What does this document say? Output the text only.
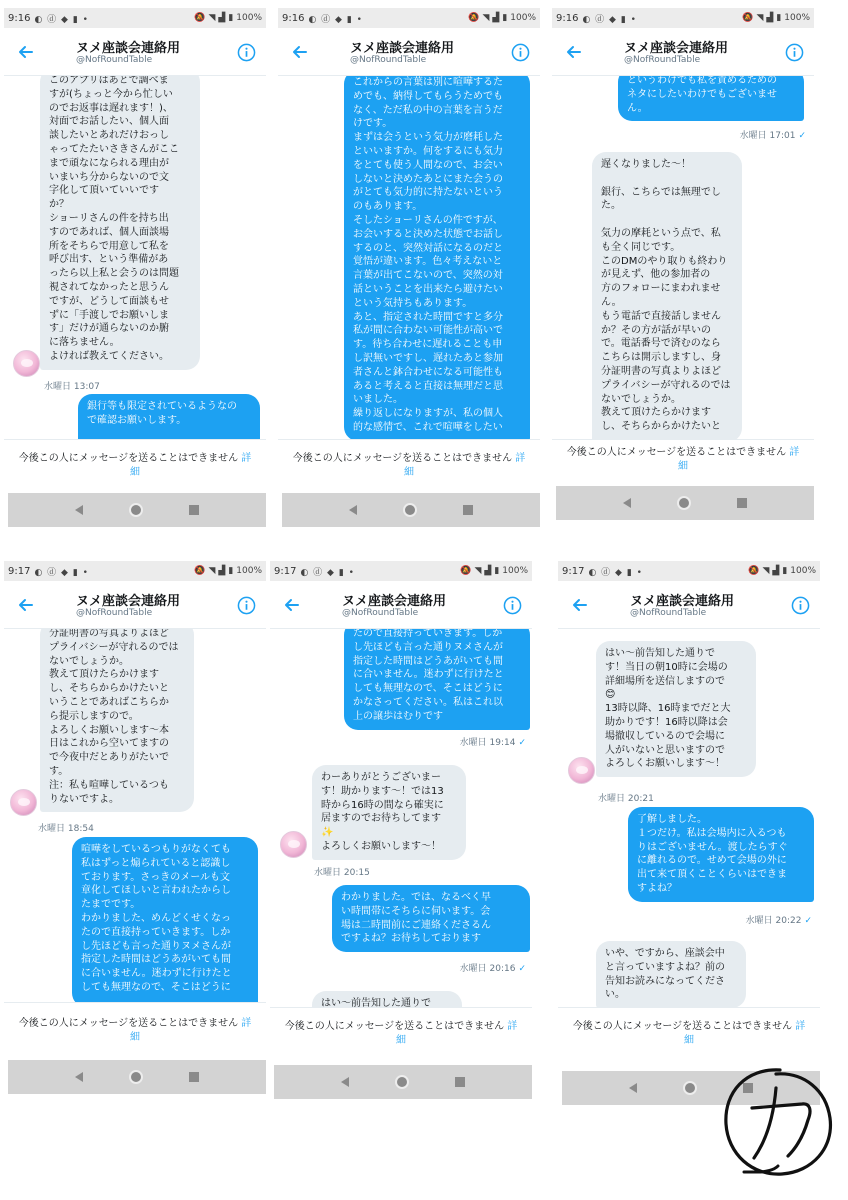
9:16 ◐ ⓓ ◆ ▮ •	🔕 ◥ ▟ ▮ 100%
ヌメ座談会連絡用
@NofRoundTable
このアプリはあとで調べま
すが(ちょっと今から忙しい
のでお返事は遅れます！)、
対面でお話したい、個人面
談したいとあれだけおっし
ゃってたたいさきさんがここ
まで頑なになられる理由が
いまいち分からないので文
字化して頂いていいです
か？
ショーリさんの件を持ち出
すのであれば、個人面談場
所をそちらで用意して私を
呼び出す、という準備があ
ったら以上私と会うのは問題
視されてなかったと思うん
ですが、どうして面談もせ
ずに「手渡しでお願いしま
す」だけが通らないのか腑
に落ちません。
よければ教えてください。
水曜日 13:07
銀行等も限定されているようなの
で確認お願いします。
今後この人にメッセージを送ることはできません 詳細
9:16 ◐ ⓓ ◆ ▮ •	🔕 ◥ ▟ ▮ 100%
ヌメ座談会連絡用
@NofRoundTable
これからの言葉は別に喧嘩するた
めでも、納得してもらうためでも
なく、ただ私の中の言葉を言うだ
けです。
まずは会うという気力が磨耗した
といいますか。何をするにも気力
をとても使う人間なので、お会い
しないと決めたあとにまた会うの
がとても気力的に持たないという
のもあります。
そしたショーリさんの件ですが、
お会いすると決めた状態でお話し
するのと、突然対話になるのだと
覚悟が違います。色々考えないと
言葉が出てこないので、突然の対
話ということを出来たら避けたい
という気持ちもあります。
あと、指定された時間ですと多分
私が間に合わない可能性が高いで
す。待ち合わせに遅れることも申
し訳無いですし、遅れたあと参加
者さんと鉢合わせになる可能性も
あると考えると直接は無理だと思
いました。
繰り返しになりますが、私の個人
的な感情で、これで喧嘩をしたい
今後この人にメッセージを送ることはできません 詳細
9:16 ◐ ⓓ ◆ ▮ •	🔕 ◥ ▟ ▮ 100%
ヌメ座談会連絡用
@NofRoundTable
というわけでも私を責めるための
ネタにしたいわけでもございませ
ん。
水曜日 17:01 ✓
遅くなりました〜！

銀行、こちらでは無理でし
た。

気力の摩耗という点で、私
も全く同じです。
このDMのやり取りも終わり
が見えず、他の参加者の
方のフォローにまわれませ
ん。
もう電話で直接話しません
か？その方が話が早いの
で。電話番号で済むのなら
こちらは開示しますし、身
分証明書の写真よりよほど
プライバシーが守れるのでは
ないでしょうか。
教えて頂けたらかけます
し、そちらからかけたいと
今後この人にメッセージを送ることはできません 詳細
9:17 ◐ ⓓ ◆ ▮ •	🔕 ◥ ▟ ▮ 100%
ヌメ座談会連絡用
@NofRoundTable
分証明書の写真よりよほど
プライバシーが守れるのでは
ないでしょうか。
教えて頂けたらかけます
し、そちらからかけたいと
いうことであればこちらか
ら提示しますので。
よろしくお願いします〜本
日はこれから空いてますの
で今夜中だとありがたいで
す。
注：私も喧嘩しているつも
りないですよ。
水曜日 18:54
喧嘩をしているつもりがなくても
私はずっと煽られていると認識し
ております。さっきのメールも文
章化してほしいと言われたからし
たまでです。
わかりました、めんどくせくなっ
たので直接持っていきます。しか
し先ほども言った通りヌメさんが
指定した時間はどうあがいても間
に合いません。迷わずに行けたと
しても無理なので、そこはどうに
今後この人にメッセージを送ることはできません 詳細
9:17 ◐ ⓓ ◆ ▮ •	🔕 ◥ ▟ ▮ 100%
ヌメ座談会連絡用
@NofRoundTable
たので直接持っていきます。しか
し先ほども言った通りヌメさんが
指定した時間はどうあがいても間
に合いません。迷わずに行けたと
しても無理なので、そこはどうに
かなさってください。私はこれ以
上の譲歩はむりです
水曜日 19:14 ✓
わーありがとうございまー
す！助かります〜！では13
時から16時の間なら確実に
居ますのでお待ちしてます
✨
よろしくお願いします〜！
水曜日 20:15
わかりました。では、なるべく早
い時間帯にそちらに伺います。会
場は二時間前にご連絡くださるん
ですよね？お待ちしております
水曜日 20:16 ✓
はい〜前告知した通りで
今後この人にメッセージを送ることはできません 詳細
9:17 ◐ ⓓ ◆ ▮ •	🔕 ◥ ▟ ▮ 100%
ヌメ座談会連絡用
@NofRoundTable
はい〜前告知した通りで
す！当日の朝10時に会場の
詳細場所を送信しますので
😊
13時以降、16時までだと大
助かりです！16時以降は会
場撤収しているので会場に
人がいないと思いますので
よろしくお願いします〜！
水曜日 20:21
了解しました。
１つだけ。私は会場内に入るつも
りはございません。渡したらすぐ
に離れるので。せめて会場の外に
出て来て頂くことくらいはできま
すよね？
水曜日 20:22 ✓
いや、ですから、座談会中
と言っていますよね？前の
告知お読みになってくださ
い。
今後この人にメッセージを送ることはできません 詳細
